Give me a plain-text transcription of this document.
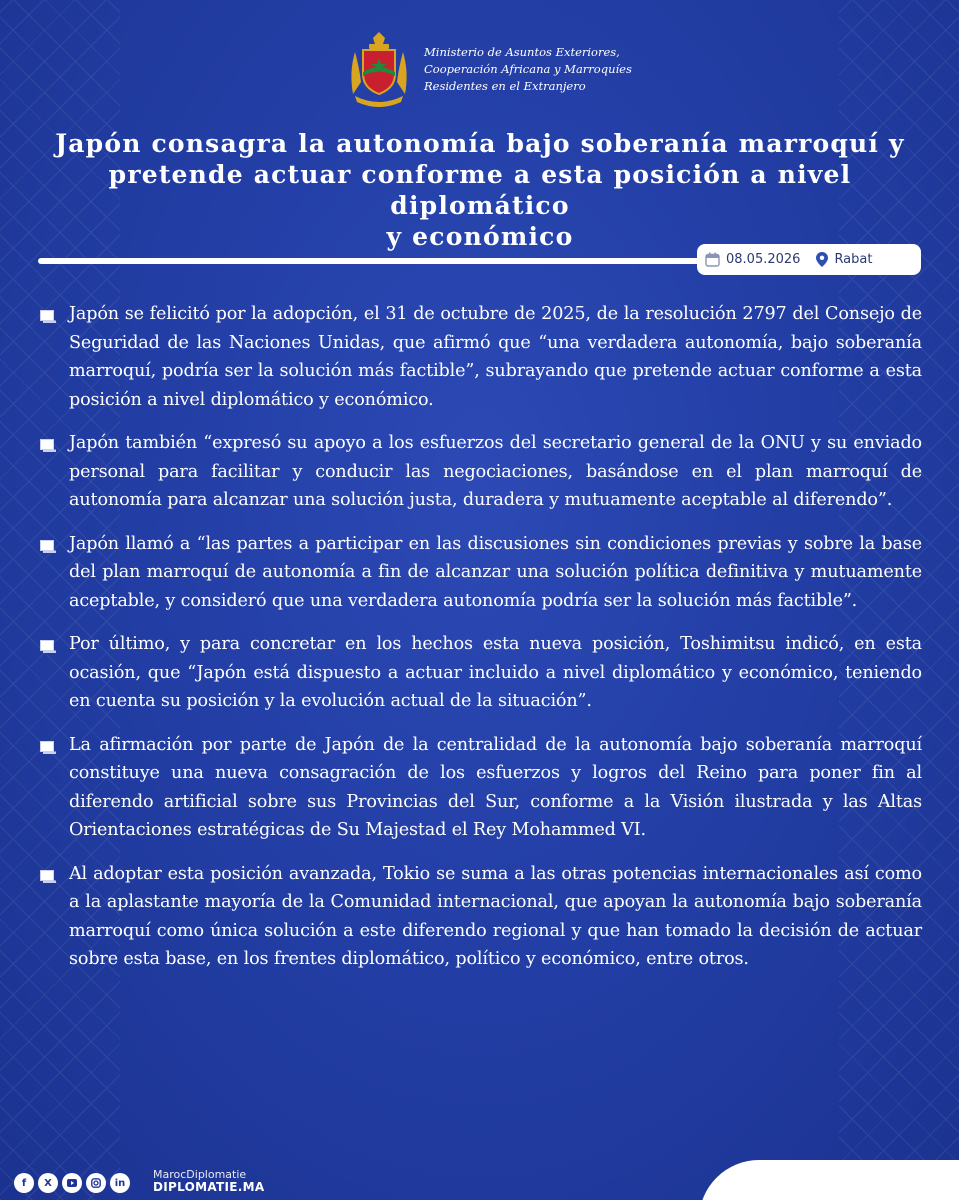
Ministerio de Asuntos Exteriores,
Cooperación Africana y Marroquíes
Residentes en el Extranjero
Japón consagra la autonomía bajo soberanía marroquí y
pretende actuar conforme a esta posición a nivel diplomático
y económico
08.05.2026	Rabat
Japón se felicitó por la adopción, el 31 de octubre de 2025, de la resolución 2797 del Consejo de Seguridad de las Naciones Unidas, que afirmó que “una verdadera autonomía, bajo soberanía marroquí, podría ser la solución más factible”, subrayando que pretende actuar conforme a esta posición a nivel diplomático y económico.
Japón también “expresó su apoyo a los esfuerzos del secretario general de la ONU y su enviado personal para facilitar y conducir las negociaciones, basándose en el plan marroquí de autonomía para alcanzar una solución justa, duradera y mutuamente aceptable al diferendo”.
Japón llamó a “las partes a participar en las discusiones sin condiciones previas y sobre la base del plan marroquí de autonomía a fin de alcanzar una solución política definitiva y mutuamente aceptable, y consideró que una verdadera autonomía podría ser la solución más factible”.
Por último, y para concretar en los hechos esta nueva posición, Toshimitsu indicó, en esta ocasión, que “Japón está dispuesto a actuar incluido a nivel diplomático y económico, teniendo en cuenta su posición y la evolución actual de la situación”.
La afirmación por parte de Japón de la centralidad de la autonomía bajo soberanía marroquí constituye una nueva consagración de los esfuerzos y logros del Reino para poner fin al diferendo artificial sobre sus Provincias del Sur, conforme a la Visión ilustrada y las Altas Orientaciones estratégicas de Su Majestad el Rey Mohammed VI.
Al adoptar esta posición avanzada, Tokio se suma a las otras potencias internacionales así como a la aplastante mayoría de la Comunidad internacional, que apoyan la autonomía bajo soberanía marroquí como única solución a este diferendo regional y que han tomado la decisión de actuar sobre esta base, en los frentes diplomático, político y económico, entre otros.
f	X	in
MarocDiplomatie
DIPLOMATIE.MA
